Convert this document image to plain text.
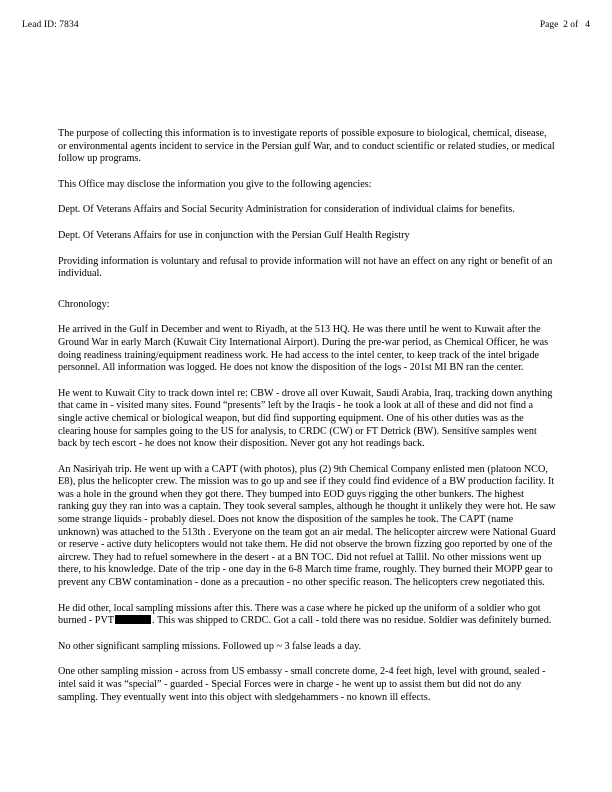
Lead ID: 7834	Page  2 of   4

The purpose of collecting this information is to investigate reports of possible exposure to biological, chemical, disease, or environmental agents incident to service in the Persian gulf War, and to conduct scientific or related studies, or medical follow up programs.

This Office may disclose the information you give to the following agencies:

Dept. Of Veterans Affairs and Social Security Administration for consideration of individual claims for benefits.

Dept. Of Veterans Affairs for use in conjunction with the Persian Gulf Health Registry

Providing information is voluntary and refusal to provide information will not have an effect on any right or benefit of an individual.

Chronology:

He arrived in the Gulf in December and went to Riyadh, at the 513 HQ. He was there until he went to Kuwait after the Ground War in early March (Kuwait City International Airport). During the pre-war period, as Chemical Officer, he was doing readiness training/equipment readiness work. He had access to the intel center, to keep track of the intel brigade personnel. All information was logged. He does not know the disposition of the logs - 201st MI BN ran the center.

He went to Kuwait City to track down intel re: CBW - drove all over Kuwait, Saudi Arabia, Iraq, tracking down anything that came in - visited many sites. Found “presents” left by the Iraqis - he took a look at all of these and did not find a single active chemical or biological weapon, but did find supporting equipment. One of his other duties was as the clearing house for samples going to the US for analysis, to CRDC (CW) or FT Detrick (BW). Sensitive samples went back by tech escort - he does not know their disposition. Never got any hot readings back.

An Nasiriyah trip. He went up with a CAPT (with photos), plus (2) 9th Chemical Company enlisted men (platoon NCO, E8), plus the helicopter crew. The mission was to go up and see if they could find evidence of a BW production facility. It was a hole in the ground when they got there. They bumped into EOD guys rigging the other bunkers. The highest ranking guy they ran into was a captain. They took several samples, although he thought it unlikely they were hot. He saw some strange liquids - probably diesel. Does not know the disposition of the samples he took. The CAPT (name unknown) was attached to the 513th . Everyone on the team got an air medal. The helicopter aircrew were National Guard or reserve - active duty helicopters would not take them. He did not observe the brown fizzing goo reported by one of the aircrew. They had to refuel somewhere in the desert - at a BN TOC. Did not refuel at Tallil. No other missions went up there, to his knowledge. Date of the trip - one day in the 6-8 March time frame, roughly. They burned their MOPP gear to prevent any CBW contamination - done as a precaution - no other specific reason. The helicopters crew negotiated this.

He did other, local sampling missions after this. There was a case where he picked up the uniform of a soldier who got burned - PVT	. This was shipped to CRDC. Got a call - told there was no residue. Soldier was definitely burned.

No other significant sampling missions. Followed up ~ 3 false leads a day.

One other sampling mission - across from US embassy - small concrete dome, 2-4 feet high, level with ground, sealed - intel said it was “special” - guarded - Special Forces were in charge - he went up to assist them but did not do any sampling. They eventually went into this object with sledgehammers - no known ill effects.
